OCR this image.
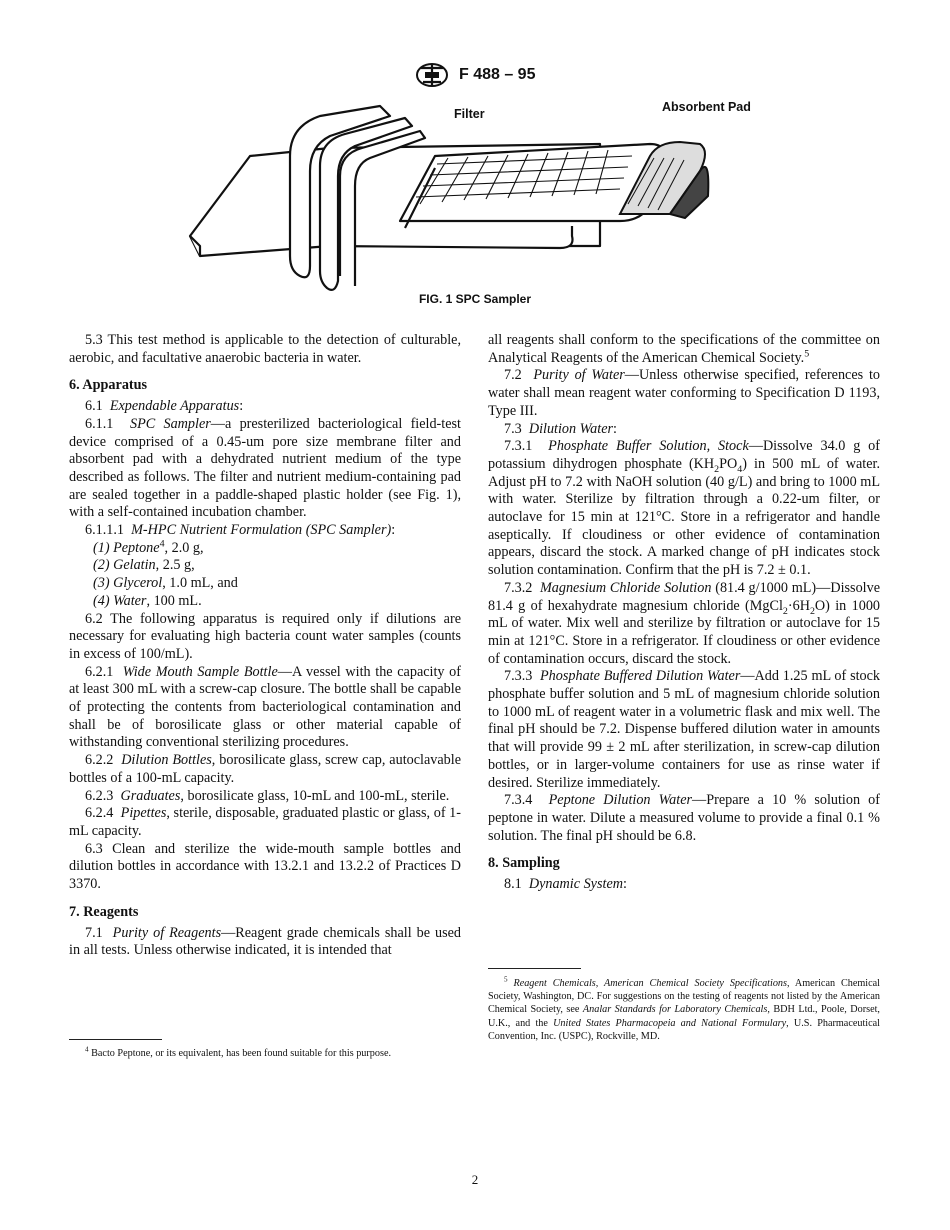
F 488 – 95
Filter	Absorbent Pad
FIG. 1 SPC Sampler

5.3 This test method is applicable to the detection of culturable, aerobic, and facultative anaerobic bacteria in water.

6. Apparatus

6.1 Expendable Apparatus:

6.1.1 SPC Sampler—a presterilized bacteriological field-test device comprised of a 0.45-um pore size membrane filter and absorbent pad with a dehydrated nutrient medium of the type described as follows. The filter and nutrient medium-containing pad are sealed together in a paddle-shaped plastic holder (see Fig. 1), with a self-contained incubation chamber.

6.1.1.1 M-HPC Nutrient Formulation (SPC Sampler):

(1) Peptone$^4$, 2.0 g,

(2) Gelatin, 2.5 g,

(3) Glycerol, 1.0 mL, and

(4) Water, 100 mL.

6.2 The following apparatus is required only if dilutions are necessary for evaluating high bacteria count water samples (counts in excess of 100/mL).

6.2.1 Wide Mouth Sample Bottle—A vessel with the capacity of at least 300 mL with a screw-cap closure. The bottle shall be capable of protecting the contents from bacteriological contamination and shall be of borosilicate glass or other material capable of withstanding conventional sterilizing procedures.

6.2.2 Dilution Bottles, borosilicate glass, screw cap, autoclavable bottles of a 100-mL capacity.

6.2.3 Graduates, borosilicate glass, 10-mL and 100-mL, sterile.

6.2.4 Pipettes, sterile, disposable, graduated plastic or glass, of 1-mL capacity.

6.3 Clean and sterilize the wide-mouth sample bottles and dilution bottles in accordance with 13.2.1 and 13.2.2 of Practices D 3370.

7. Reagents

7.1 Purity of Reagents—Reagent grade chemicals shall be used in all tests. Unless otherwise indicated, it is intended that

$^4$ Bacto Peptone, or its equivalent, has been found suitable for this purpose.

all reagents shall conform to the specifications of the committee on Analytical Reagents of the American Chemical Society.$^5$

7.2 Purity of Water—Unless otherwise specified, references to water shall mean reagent water conforming to Specification D 1193, Type III.

7.3 Dilution Water:

7.3.1 Phosphate Buffer Solution, Stock—Dissolve 34.0 g of potassium dihydrogen phosphate $(KH_2PO_4)$ in 500 mL of water. Adjust pH to 7.2 with NaOH solution (40 g/L) and bring to 1000 mL with water. Sterilize by filtration through a 0.22-um filter, or autoclave for 15 min at 121°C. Store in a refrigerator and handle aseptically. If cloudiness or other evidence of contamination appears, discard the stock. A marked change of pH indicates stock solution contamination. Confirm that the pH is 7.2 ± 0.1.

7.3.2 Magnesium Chloride Solution (81.4 g/1000 mL)—Dissolve 81.4 g of hexahydrate magnesium chloride $(MgCl_2\cdot 6H_2O)$ in 1000 mL of water. Mix well and sterilize by filtration or autoclave for 15 min at 121°C. Store in a refrigerator. If cloudiness or other evidence of contamination occurs, discard the stock.

7.3.3 Phosphate Buffered Dilution Water—Add 1.25 mL of stock phosphate buffer solution and 5 mL of magnesium chloride solution to 1000 mL of reagent water in a volumetric flask and mix well. The final pH should be 7.2. Dispense buffered dilution water in amounts that will provide 99 ± 2 mL after sterilization, in screw-cap dilution bottles, or in larger-volume containers for use as rinse water if desired. Sterilize immediately.

7.3.4 Peptone Dilution Water—Prepare a 10 % solution of peptone in water. Dilute a measured volume to provide a final 0.1 % solution. The final pH should be 6.8.

8. Sampling

8.1 Dynamic System:

$^5$ Reagent Chemicals, American Chemical Society Specifications, American Chemical Society, Washington, DC. For suggestions on the testing of reagents not listed by the American Chemical Society, see Analar Standards for Laboratory Chemicals, BDH Ltd., Poole, Dorset, U.K., and the United States Pharmacopeia and National Formulary, U.S. Pharmaceutical Convention, Inc. (USPC), Rockville, MD.

2
